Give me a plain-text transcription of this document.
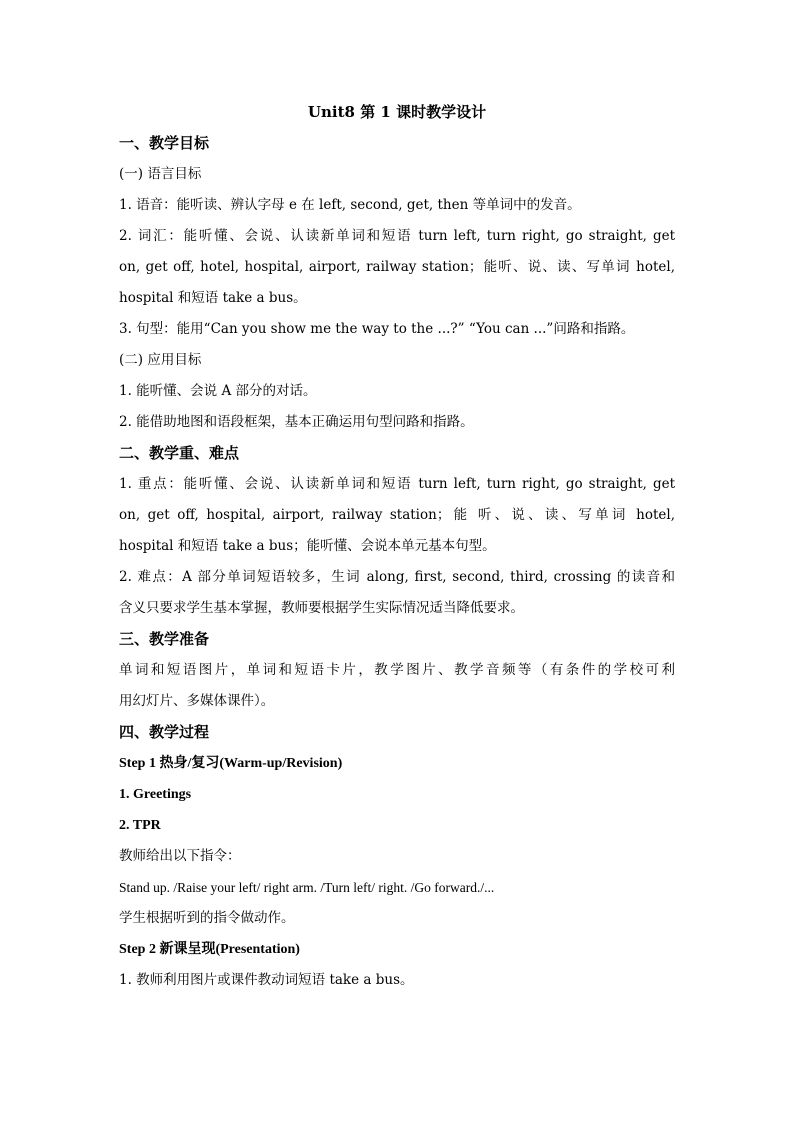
Unit8 第 1 课时教学设计

一、教学目标

(一) 语言目标

1. 语音：能听读、辨认字母 e 在 left, second, get, then 等单词中的发音。

2. 词汇：能听懂、会说、认读新单词和短语 turn left, turn right, go straight, get
on, get off, hotel, hospital, airport, railway station；能听、说、读、写单词 hotel,
hospital 和短语 take a bus。

3. 句型：能用“Can you show me the way to the ...?” “You can ...”问路和指路。

(二) 应用目标

1. 能听懂、会说 A 部分的对话。

2. 能借助地图和语段框架，基本正确运用句型问路和指路。

二、教学重、难点

1. 重点：能听懂、会说、认读新单词和短语 turn left, turn right, go straight, get
on, get off, hospital, airport, railway station；能 听、说、读、写单词 hotel,
hospital 和短语 take a bus；能听懂、会说本单元基本句型。
2. 难点：A 部分单词短语较多，生词 along, first, second, third, crossing 的读音和
含义只要求学生基本掌握，教师要根据学生实际情况适当降低要求。

三、教学准备

单词和短语图片，单词和短语卡片，教学图片、教学音频等（有条件的学校可利
用幻灯片、多媒体课件）。

四、教学过程

Step 1 热身/复习(Warm-up/Revision)

1. Greetings

2. TPR

教师给出以下指令：

Stand up. /Raise your left/ right arm. /Turn left/ right. /Go forward./...

学生根据听到的指令做动作。

Step 2 新课呈现(Presentation)

1. 教师利用图片或课件教动词短语 take a bus。
